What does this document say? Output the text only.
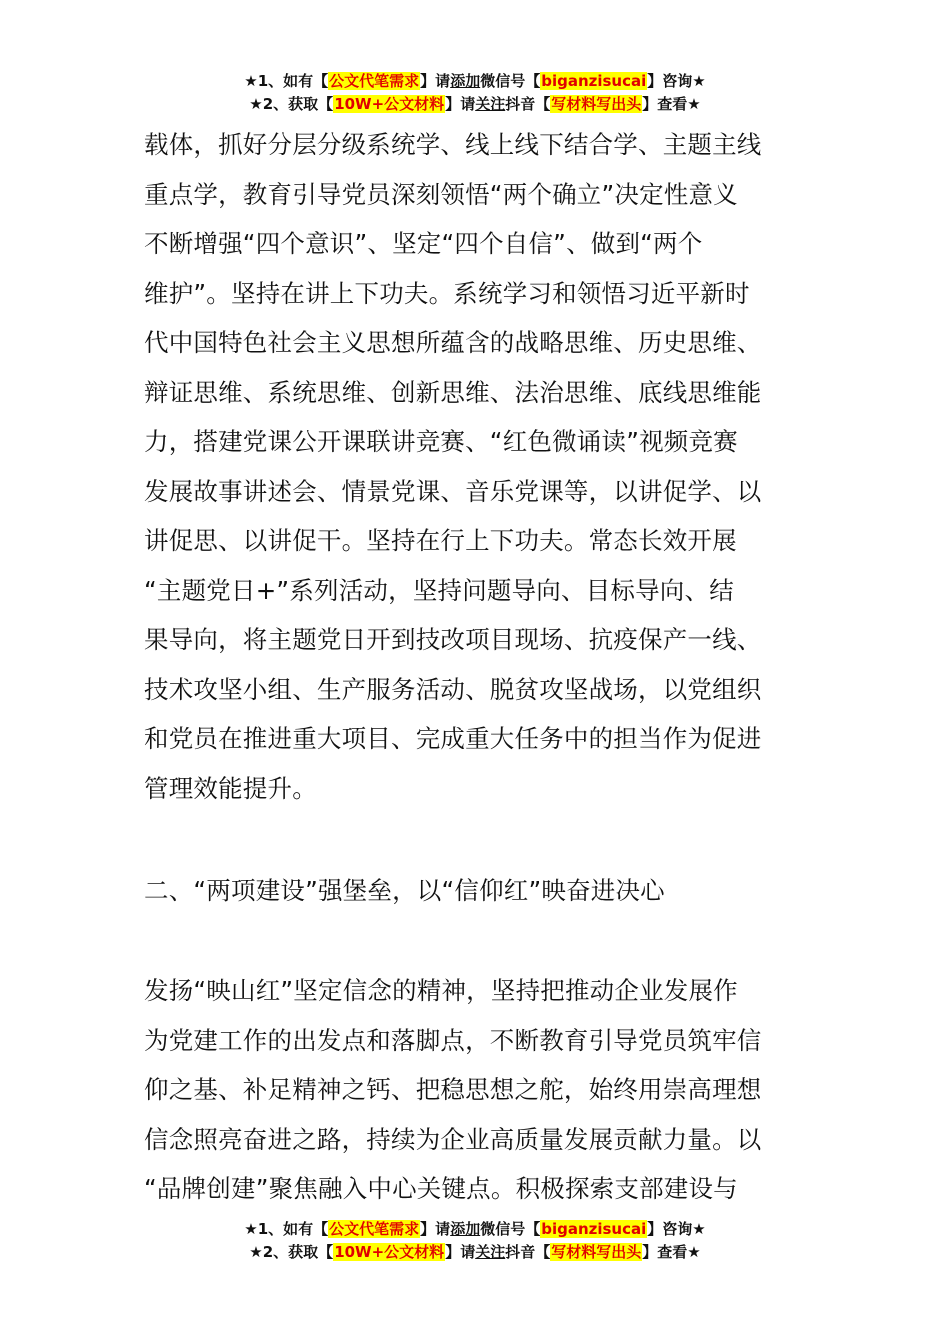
★1、如有【公文代笔需求】请添加微信号【biganzisucai】咨询★
★2、获取【10W+公文材料】请关注抖音【写材料写出头】查看★
载体，抓好分层分级系统学、线上线下结合学、主题主线
重点学，教育引导党员深刻领悟“两个确立”决定性意义
不断增强“四个意识”、坚定“四个自信”、做到“两个
维护”。坚持在讲上下功夫。系统学习和领悟习近平新时
代中国特色社会主义思想所蕴含的战略思维、历史思维、
辩证思维、系统思维、创新思维、法治思维、底线思维能
力，搭建党课公开课联讲竞赛、“红色微诵读”视频竞赛
发展故事讲述会、情景党课、音乐党课等，以讲促学、以
讲促思、以讲促干。坚持在行上下功夫。常态长效开展
“主题党日+”系列活动，坚持问题导向、目标导向、结
果导向，将主题党日开到技改项目现场、抗疫保产一线、
技术攻坚小组、生产服务活动、脱贫攻坚战场，以党组织
和党员在推进重大项目、完成重大任务中的担当作为促进
管理效能提升。
二、“两项建设”强堡垒，以“信仰红”映奋进决心
发扬“映山红”坚定信念的精神，坚持把推动企业发展作
为党建工作的出发点和落脚点，不断教育引导党员筑牢信
仰之基、补足精神之钙、把稳思想之舵，始终用崇高理想
信念照亮奋进之路，持续为企业高质量发展贡献力量。以
“品牌创建”聚焦融入中心关键点。积极探索支部建设与
★1、如有【公文代笔需求】请添加微信号【biganzisucai】咨询★
★2、获取【10W+公文材料】请关注抖音【写材料写出头】查看★
